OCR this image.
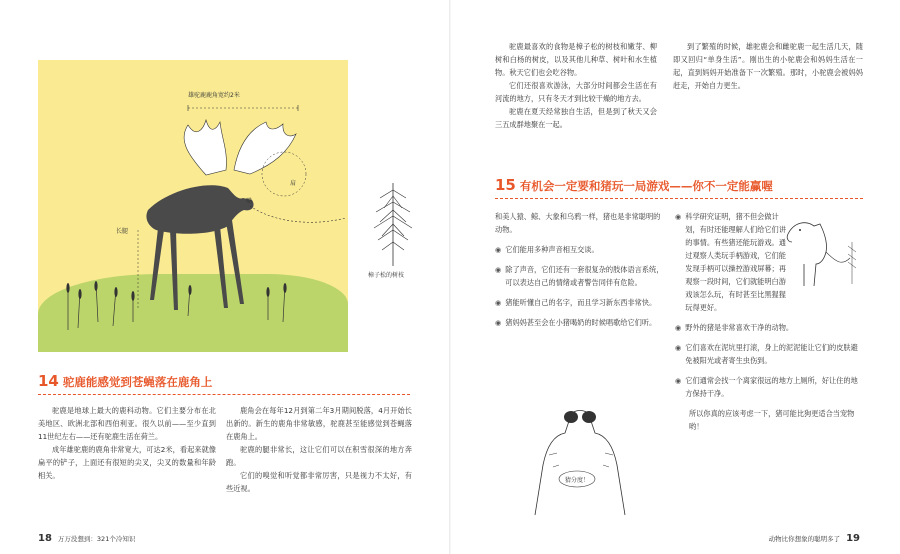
雄驼鹿鹿角宽约2米
长腿
肩
嘴
樟子松的树枝
14 驼鹿能感觉到苍蝇落在鹿角上

驼鹿是地球上最大的鹿科动物。它们主要分布在北美地区、欧洲北部和西伯利亚。很久以前——至少直到11世纪左右——还有驼鹿生活在荷兰。

成年雄驼鹿的鹿角非常宽大，可达2米，看起来就像扁平的铲子，上面还有很短的尖叉，尖叉的数量和年龄相关。

鹿角会在每年12月到第二年3月期间脱落，4月开始长出新的。新生的鹿角非常敏感，驼鹿甚至能感觉到苍蝇落在鹿角上。

驼鹿的腿非常长，这让它们可以在积雪很深的地方奔跑。

它们的嗅觉和听觉都非常厉害，只是视力不太好，有些近视。

18 万万没想到：321个冷知识

驼鹿最喜欢的食物是樟子松的树枝和嫩芽、柳树和白杨的树皮，以及其他儿种草、树叶和水生植物。秋天它们也会吃谷物。

它们还很喜欢游泳，大部分时间都会生活在有河流的地方，只有冬天才到比较干燥的地方去。

驼鹿在夏天经常独自生活，但是到了秋天又会三五成群地聚在一起。

到了繁殖的时候，雄驼鹿会和雌驼鹿一起生活几天，随即又回归“单身生活”。刚出生的小驼鹿会和妈妈生活在一起，直到妈妈开始准备下一次繁殖。那时，小驼鹿会被妈妈赶走，开始自力更生。

15 有机会一定要和猪玩一局游戏——你不一定能赢喔
和美人猿、鲸、大象和乌鸦一样，猪也是非常聪明的动物。
◉ 它们能用多种声音相互交谈。
◉ 除了声音，它们还有一套很复杂的肢体语言系统，可以表达自己的情绪或者警告同伴有危险。
◉ 猪能听懂自己的名字，而且学习新东西非常快。
◉ 猪妈妈甚至会在小猪喝奶的时候唱歌给它们听。
◉ 科学研究证明，猪不但会做计划，有时还能理解人们给它们讲的事情。有些猪还能玩游戏。通过观察人类玩手柄游戏，它们能发现手柄可以操控游戏屏幕；再观察一段时间，它们就能明白游戏该怎么玩，有时甚至比黑猩猩玩得更好。
◉ 野外的猪是非常喜欢干净的动物。
◉ 它们喜欢在泥坑里打滚，身上的泥泥能让它们的皮肤避免被阳光或者寄生虫伤到。
◉ 它们通常会找一个离家很远的地方上厕所，好让住的地方保持干净。
所以你真的应该考虑一下，猪可能比狗更适合当宠物哟！
猜分度！
动物比你想象的聪明多了 19
